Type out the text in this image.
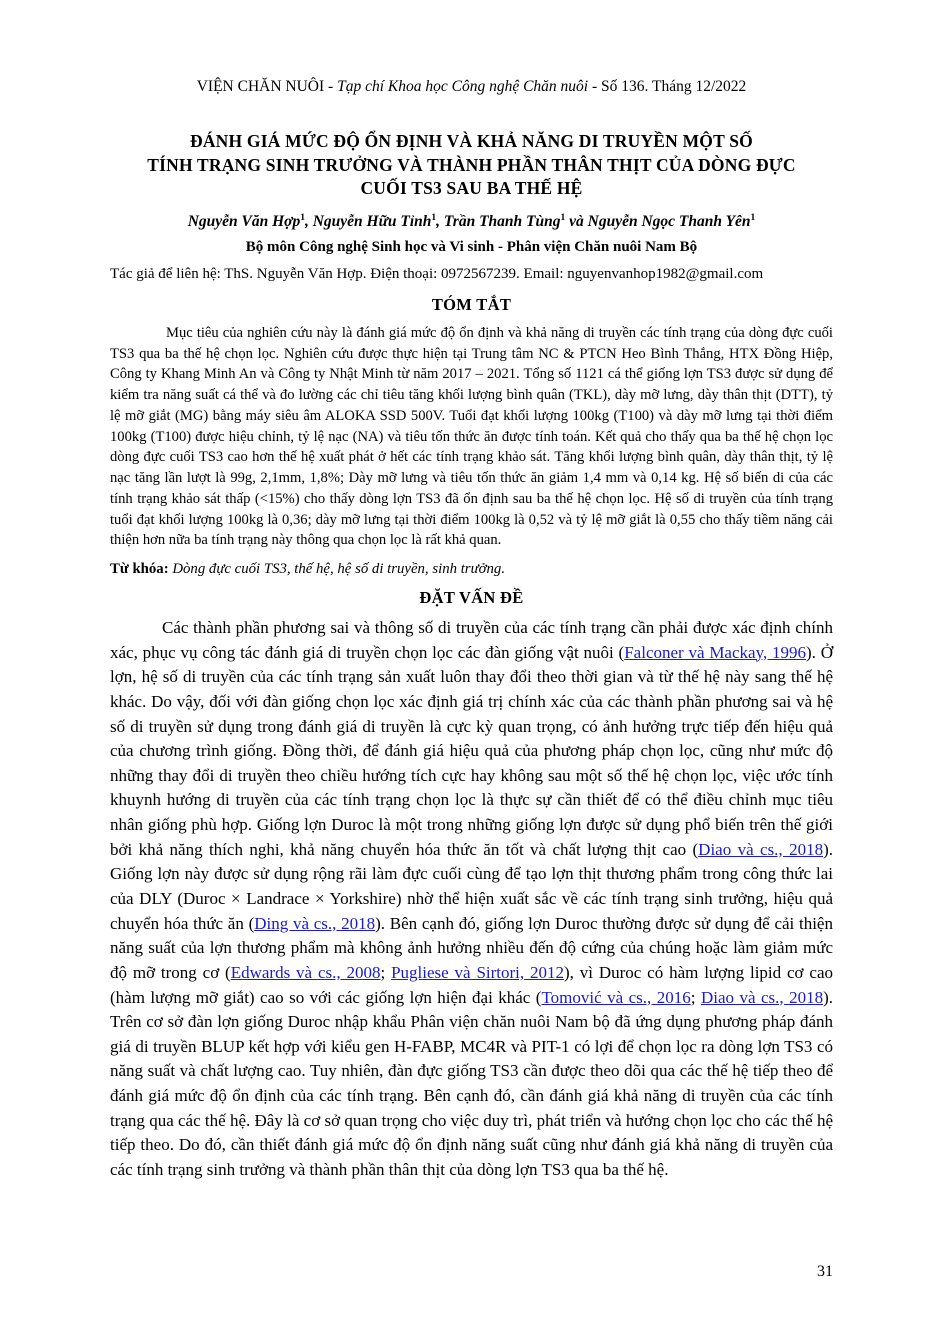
VIỆN CHĂN NUÔI - Tạp chí Khoa học Công nghệ Chăn nuôi - Số 136. Tháng 12/2022
ĐÁNH GIÁ MỨC ĐỘ ỔN ĐỊNH VÀ KHẢ NĂNG DI TRUYỀN MỘT SỐ
TÍNH TRẠNG SINH TRƯỞNG VÀ THÀNH PHẦN THÂN THỊT CỦA DÒNG ĐỰC
CUỐI TS3 SAU BA THẾ HỆ
Nguyễn Văn Hợp$^1$, Nguyễn Hữu Tỉnh$^1$, Trần Thanh Tùng$^1$ và Nguyễn Ngọc Thanh Yên$^1$
Bộ môn Công nghệ Sinh học và Vi sinh - Phân viện Chăn nuôi Nam Bộ
Tác giả để liên hệ: ThS. Nguyễn Văn Hợp. Điện thoại: 0972567239. Email: nguyenvanhop1982@gmail.com
TÓM TẮT
Mục tiêu của nghiên cứu này là đánh giá mức độ ổn định và khả năng di truyền các tính trạng của dòng đực cuối TS3 qua ba thế hệ chọn lọc. Nghiên cứu được thực hiện tại Trung tâm NC & PTCN Heo Bình Thắng, HTX Đồng Hiệp, Công ty Khang Minh An và Công ty Nhật Minh từ năm 2017 – 2021. Tổng số 1121 cá thể giống lợn TS3 được sử dụng để kiểm tra năng suất cá thể và đo lường các chỉ tiêu tăng khối lượng bình quân (TKL), dày mỡ lưng, dày thân thịt (DTT), tỷ lệ mỡ giắt (MG) bằng máy siêu âm ALOKA SSD 500V. Tuổi đạt khối lượng 100kg (T100) và dày mỡ lưng tại thời điểm 100kg (T100) được hiệu chỉnh, tỷ lệ nạc (NA) và tiêu tốn thức ăn được tính toán. Kết quả cho thấy qua ba thế hệ chọn lọc dòng đực cuối TS3 cao hơn thế hệ xuất phát ở hết các tính trạng khảo sát. Tăng khối lượng bình quân, dày thân thịt, tỷ lệ nạc tăng lần lượt là 99g, 2,1mm, 1,8%; Dày mỡ lưng và tiêu tốn thức ăn giảm 1,4 mm và 0,14 kg. Hệ số biến di của các tính trạng khảo sát thấp (<15%) cho thấy dòng lợn TS3 đã ổn định sau ba thế hệ chọn lọc. Hệ số di truyền của tính trạng tuổi đạt khối lượng 100kg là 0,36; dày mỡ lưng tại thời điểm 100kg là 0,52 và tỷ lệ mỡ giắt là 0,55 cho thấy tiềm năng cải thiện hơn nữa ba tính trạng này thông qua chọn lọc là rất khả quan.
Từ khóa: Dòng đực cuối TS3, thế hệ, hệ số di truyền, sinh trưởng.
ĐẶT VẤN ĐỀ
Các thành phần phương sai và thông số di truyền của các tính trạng cần phải được xác định chính xác, phục vụ công tác đánh giá di truyền chọn lọc các đàn giống vật nuôi (Falconer và Mackay, 1996). Ở lợn, hệ số di truyền của các tính trạng sản xuất luôn thay đổi theo thời gian và từ thế hệ này sang thế hệ khác. Do vậy, đối với đàn giống chọn lọc xác định giá trị chính xác của các thành phần phương sai và hệ số di truyền sử dụng trong đánh giá di truyền là cực kỳ quan trọng, có ảnh hưởng trực tiếp đến hiệu quả của chương trình giống. Đồng thời, để đánh giá hiệu quả của phương pháp chọn lọc, cũng như mức độ những thay đổi di truyền theo chiều hướng tích cực hay không sau một số thế hệ chọn lọc, việc ước tính khuynh hướng di truyền của các tính trạng chọn lọc là thực sự cần thiết để có thể điều chỉnh mục tiêu nhân giống phù hợp. Giống lợn Duroc là một trong những giống lợn được sử dụng phổ biến trên thế giới bởi khả năng thích nghi, khả năng chuyển hóa thức ăn tốt và chất lượng thịt cao (Diao và cs., 2018). Giống lợn này được sử dụng rộng rãi làm đực cuối cùng để tạo lợn thịt thương phẩm trong công thức lai của DLY (Duroc × Landrace × Yorkshire) nhờ thể hiện xuất sắc về các tính trạng sinh trưởng, hiệu quả chuyển hóa thức ăn (Ding và cs., 2018). Bên cạnh đó, giống lợn Duroc thường được sử dụng để cải thiện năng suất của lợn thương phẩm mà không ảnh hưởng nhiều đến độ cứng của chúng hoặc làm giảm mức độ mỡ trong cơ (Edwards và cs., 2008; Pugliese và Sirtori, 2012), vì Duroc có hàm lượng lipid cơ cao (hàm lượng mỡ giắt) cao so với các giống lợn hiện đại khác (Tomović và cs., 2016; Diao và cs., 2018). Trên cơ sở đàn lợn giống Duroc nhập khẩu Phân viện chăn nuôi Nam bộ đã ứng dụng phương pháp đánh giá di truyền BLUP kết hợp với kiểu gen H-FABP, MC4R và PIT-1 có lợi để chọn lọc ra dòng lợn TS3 có năng suất và chất lượng cao. Tuy nhiên, đàn đực giống TS3 cần được theo dõi qua các thế hệ tiếp theo để đánh giá mức độ ổn định của các tính trạng. Bên cạnh đó, cần đánh giá khả năng di truyền của các tính trạng qua các thế hệ. Đây là cơ sở quan trọng cho việc duy trì, phát triển và hướng chọn lọc cho các thế hệ tiếp theo. Do đó, cần thiết đánh giá mức độ ổn định năng suất cũng như đánh giá khả năng di truyền của các tính trạng sinh trưởng và thành phần thân thịt của dòng lợn TS3 qua ba thế hệ.
31
